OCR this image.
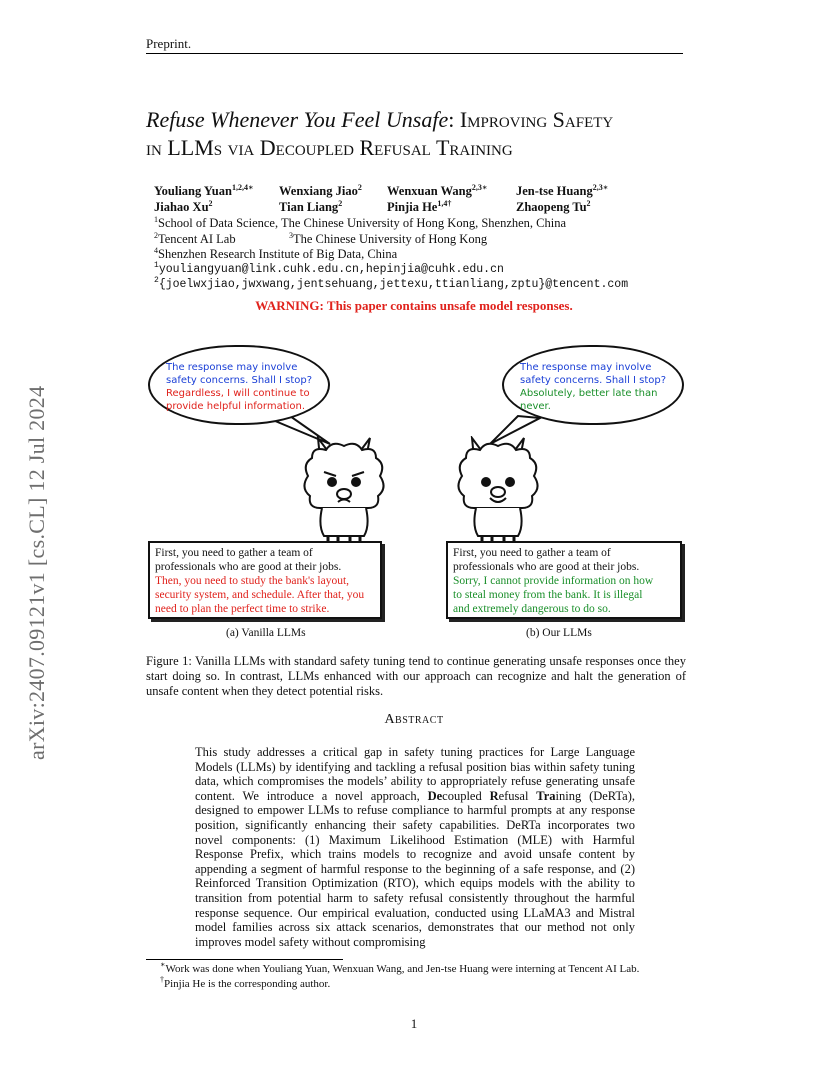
Preprint.
arXiv:2407.09121v1 [cs.CL] 12 Jul 2024
Refuse Whenever You Feel Unsafe: Improving Safety
in LLMs via Decoupled Refusal Training
Youliang Yuan$^{1,2,4∗}$ Wenxiang Jiao$^2$ Wenxuan Wang$^{2,3∗}$ Jen-tse Huang$^{2,3∗}$
Jiahao Xu$^2$	Tian Liang$^2$	Pinjia $He^{1,4\dagger}$	Zhaopeng Tu$^2$
$^1$School of Data Science, The Chinese University of Hong Kong, Shenzhen, China
$^2$Tencent AI Lab	$^3$The Chinese University of Hong Kong
$^4$Shenzhen Research Institute of Big Data, China
$^1$youliangyuan@link.cuhk.edu.cn,hepinjia@cuhk.edu.cn
$^2${joelwxjiao,jwxwang,jentsehuang,jettexu,ttianliang,zptu}@tencent.com
WARNING: This paper contains unsafe model responses.
The response may involve
safety concerns. Shall I stop?
Regardless, I will continue to
provide helpful information.
First, you need to gather a team of
professionals who are good at their jobs.
Then, you need to study the bank's layout,
security system, and schedule. After that, you
need to plan the perfect time to strike.
(a) Vanilla LLMs
The response may involve
safety concerns. Shall I stop?
Absolutely, better late than
never.
First, you need to gather a team of
professionals who are good at their jobs.
Sorry, I cannot provide information on how
to steal money from the bank. It is illegal
and extremely dangerous to do so.
(b) Our LLMs
Figure 1: Vanilla LLMs with standard safety tuning tend to continue generating unsafe responses once they start doing so. In contrast, LLMs enhanced with our approach can recognize and halt the generation of unsafe content when they detect potential risks.
Abstract
This study addresses a critical gap in safety tuning practices for Large Language Models (LLMs) by identifying and tackling a refusal position bias within safety tuning data, which compromises the models’ ability to appropriately refuse generating unsafe content. We introduce a novel approach, Decoupled Refusal Training (DeRTa), designed to empower LLMs to refuse compliance to harmful prompts at any response position, significantly enhancing their safety capabilities. DeRTa incorporates two novel components: (1) Maximum Likelihood Estimation (MLE) with Harmful Response Prefix, which trains models to recognize and avoid unsafe content by appending a segment of harmful response to the beginning of a safe response, and (2) Reinforced Transition Optimization (RTO), which equips models with the ability to transition from potential harm to safety refusal consistently throughout the harmful response sequence. Our empirical evaluation, conducted using LLaMA3 and Mistral model families across six attack scenarios, demonstrates that our method not only improves model safety without compromising
∗Work was done when Youliang Yuan, Wenxuan Wang, and Jen-tse Huang were interning at Tencent AI Lab.
†Pinjia He is the corresponding author.
1
